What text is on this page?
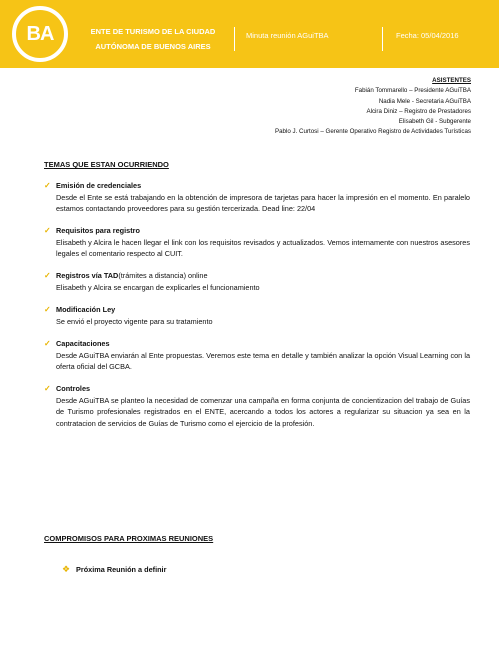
BA	ENTE DE TURISMO DE LA CIUDAD
AUTÓNOMA DE BUENOS AIRES
Minuta reunión AGuiTBA	Fecha: 05/04/2016
ASISTENTES
Fabián Tommarello – Presidente AGuiTBA
Nadia Mele - Secretaria AGuiTBA
Alcira Diniz – Registro de Prestadores
Elisabeth Gil - Subgerente
Pablo J. Curtosi – Gerente Operativo Registro de Actividades Turísticas
TEMAS QUE ESTAN OCURRIENDO
✓ Emisión de credenciales
Desde el Ente se está trabajando en la obtención de impresora de tarjetas para hacer la impresión en el momento. En paralelo estamos contactando proveedores para su gestión tercerizada. Dead line: 22/04
✓ Requisitos para registro
Elisabeth y Alcira le hacen llegar el link con los requisitos revisados y actualizados. Vemos internamente con nuestros asesores legales el comentario respecto al CUIT.
✓ Registros vía TAD (trámites a distancia) online
Elisabeth y Alcira se encargan de explicarles el funcionamiento
✓ Modificación Ley
Se envió el proyecto vigente para su tratamiento
✓ Capacitaciones
Desde AGuiTBA enviarán al Ente propuestas. Veremos este tema en detalle y también analizar la opción Visual Learning con la oferta oficial del GCBA.
✓ Controles
Desde AGuiTBA se planteo la necesidad de comenzar una campaña en forma conjunta de concientizacion del trabajo de Guías de Turismo profesionales registrados en el ENTE, acercando a todos los actores a regularizar su situacion ya sea en la contratacion de servicios de Guías de Turismo como el ejercicio de la profesión.
COMPROMISOS PARA PROXIMAS REUNIONES
❖ Próxima Reunión a definir
